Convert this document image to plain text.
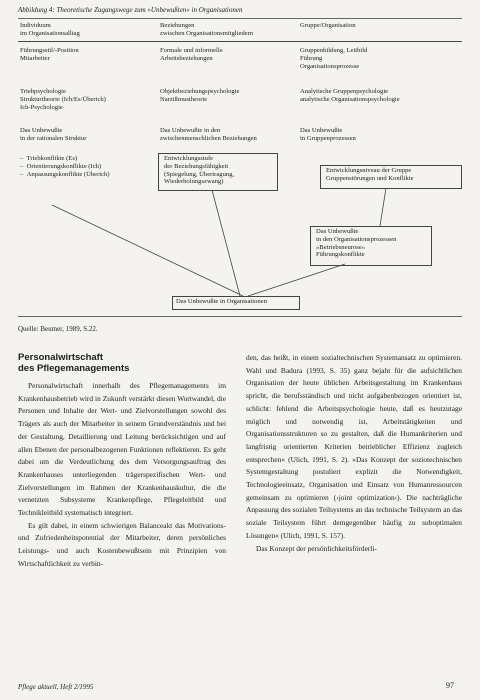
Abbildung 4: Theoretische Zugangswege zum »Unbewußten« in Organisationen
Individuum
im Organisationsalltag
Beziehungen
zwischen Organisationsmitgliedern
Gruppe/Organisation
Führungsstil/-Position
Mitarbeiter
Formale und informelle
Arbeitsbeziehungen
Gruppenbildung, Leitbild
Führung
Organisationsprozesse
Triebpsychologie
Strukturtheorie (Ich/Es/Überich)
Ich-Psychologie
Objektbeziehungspsychologie
Narzißmustheorie
Analytische Gruppenpsychologie
analytische Organisationspsychologie
Das Unbewußte
in der rationalen Struktur
Das Unbewußte in den
zwischenmenschlichen Beziehungen
Das Unbewußte
in Gruppenprozessen
–  Triebkonflikte (Es)
–  Orientierungskonflikte (Ich)
–  Anpassungskonflikte (Überich)
Entwicklungsstufe
der Beziehungsfähigkeit
(Spiegelung, Übertragung,
Wiederholungszwang)
Entwicklungsniveau der Gruppe
Gruppenstörungen und Konflikte
Das Unbewußte
in den Organisationsprozessen
»Betriebsneurose«
Führungskonflikte
Das Unbewußte in Organisationen
Quelle: Beumer, 1989, S.22.
Personalwirtschaft
des Pflegemanagements

Personalwirtschaft innerhalb des Pflegemanagements im Krankenhausbetrieb wird in Zukunft verstärkt diesen Wortwandel, die Personen und Inhalte der Wert- und Zielvorstellungen sowohl des Trägers als auch der Mitarbeiter in seinem Grundverständnis und bei der Gestaltung, Detaillierung und Leitung berücksichtigen und auf allen Ebenen der personalbezogenen Funktionen reflektieren. Es geht dabei um die Verdeutlichung des dem Versorgungsauftrag des Krankenhauses unterliegenden trägerspezifischen Wert- und Zielvorstellungen im Rahmen der Krankenhauskultur, die die vernetzten Subsysteme Krankenpflege, Pflegeleitbild und Technikleitbild systematisch integriert.

Es gilt dabei, in einem schwierigen Balanceakt das Motivations- und Zufriedenheitspotential der Mitarbeiter, deren persönliches Leistungs- und auch Kostenbewußtsein mit Prinzipien von Wirtschaftlichkeit zu verbin-

den, das heißt, in einem sozialtechnischen Systemansatz zu optimieren. Wahl und Badura (1993, S. 35) ganz bejaht für die aufsichtlichen Organisation der heute üblichen Arbeitsgestaltung im Krankenhaus spricht, die berufsständisch und nicht aufgabenbezogen orientiert ist, schlicht: fehlend die Arbeitspsychologie heute, daß es heutzutage möglich und notwendig ist, Arbeitstätigkeiten und Organisationsstrukturen so zu gestalten, daß die Humankriterien und langfristig orientierten Kriterien betrieblicher Effizienz zugleich entsprechen« (Ulich, 1991, S. 2). »Das Konzept der soziotechnischen Systemgestaltung postuliert explizit die Notwendigkeit, Technologieeinsatz, Organisation und Einsatz von Humanressourcen gemeinsam zu optimieren (›joint optimization‹). Die nachträgliche Anpassung des sozialen Teilsystems an das technische Teilsystem an das soziale Teilsystem führt demgegenüber häufig zu suboptimalen Lösungen« (Ulich, 1991, S. 157).

Das Konzept der persönlichkeitsförderli-

Pflege aktuell, Heft 2/1995	97
